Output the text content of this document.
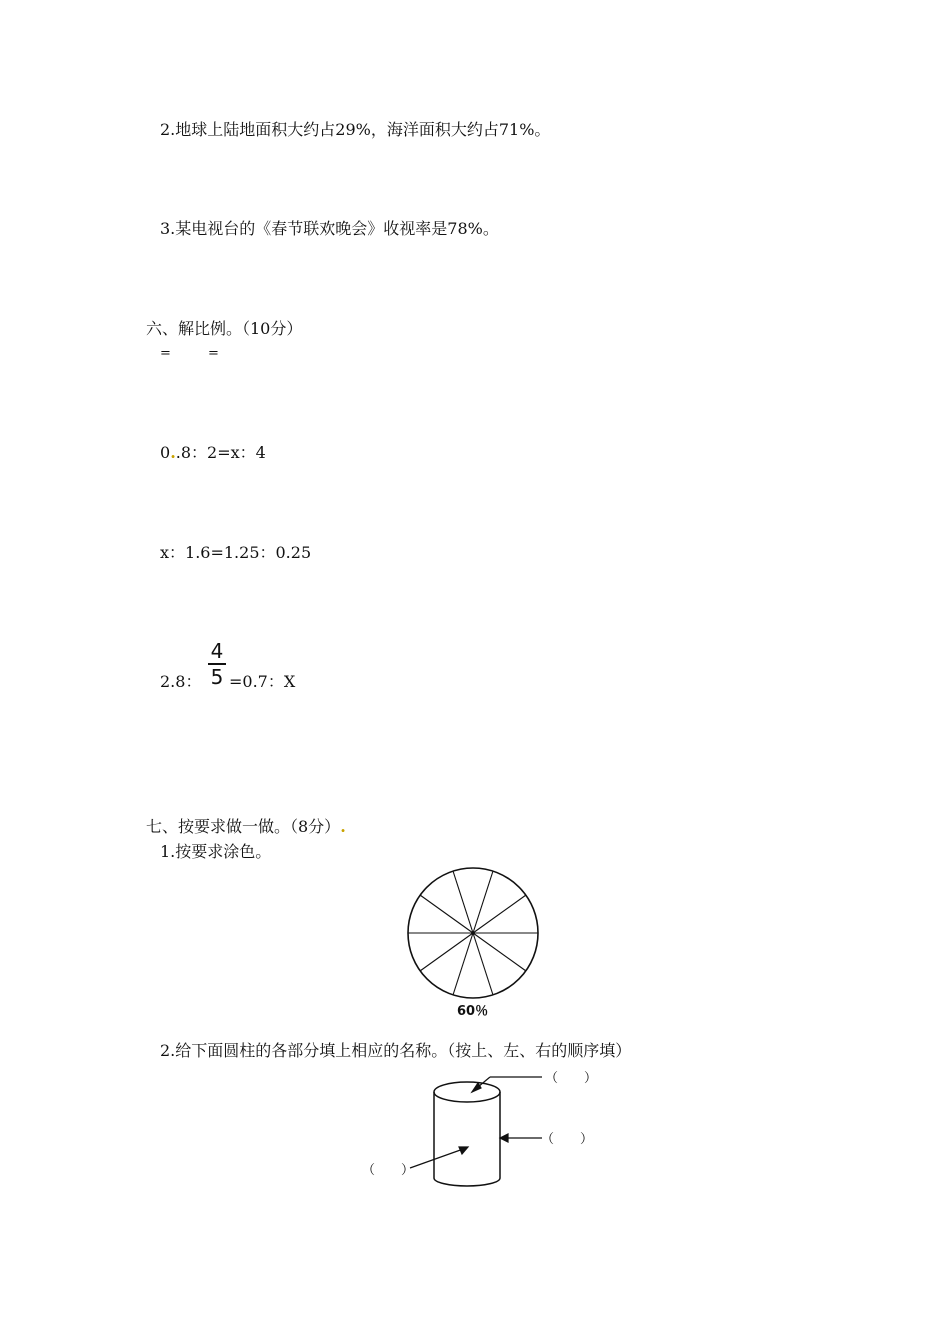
2.地球上陆地面积大约占29%，海洋面积大约占71%。
3.某电视台的《春节联欢晚会》收视率是78%。
六、解比例。（10分）
=	=
0..8：2=x：4
x：1.6=1.25：0.25
2.8：
4
5 =0.7：X
七、按要求做一做。（8分）.
1.按要求涂色。
60％
2.给下面圆柱的各部分填上相应的名称。（按上、左、右的顺序填）
（　　）
（　　）
（　　）
